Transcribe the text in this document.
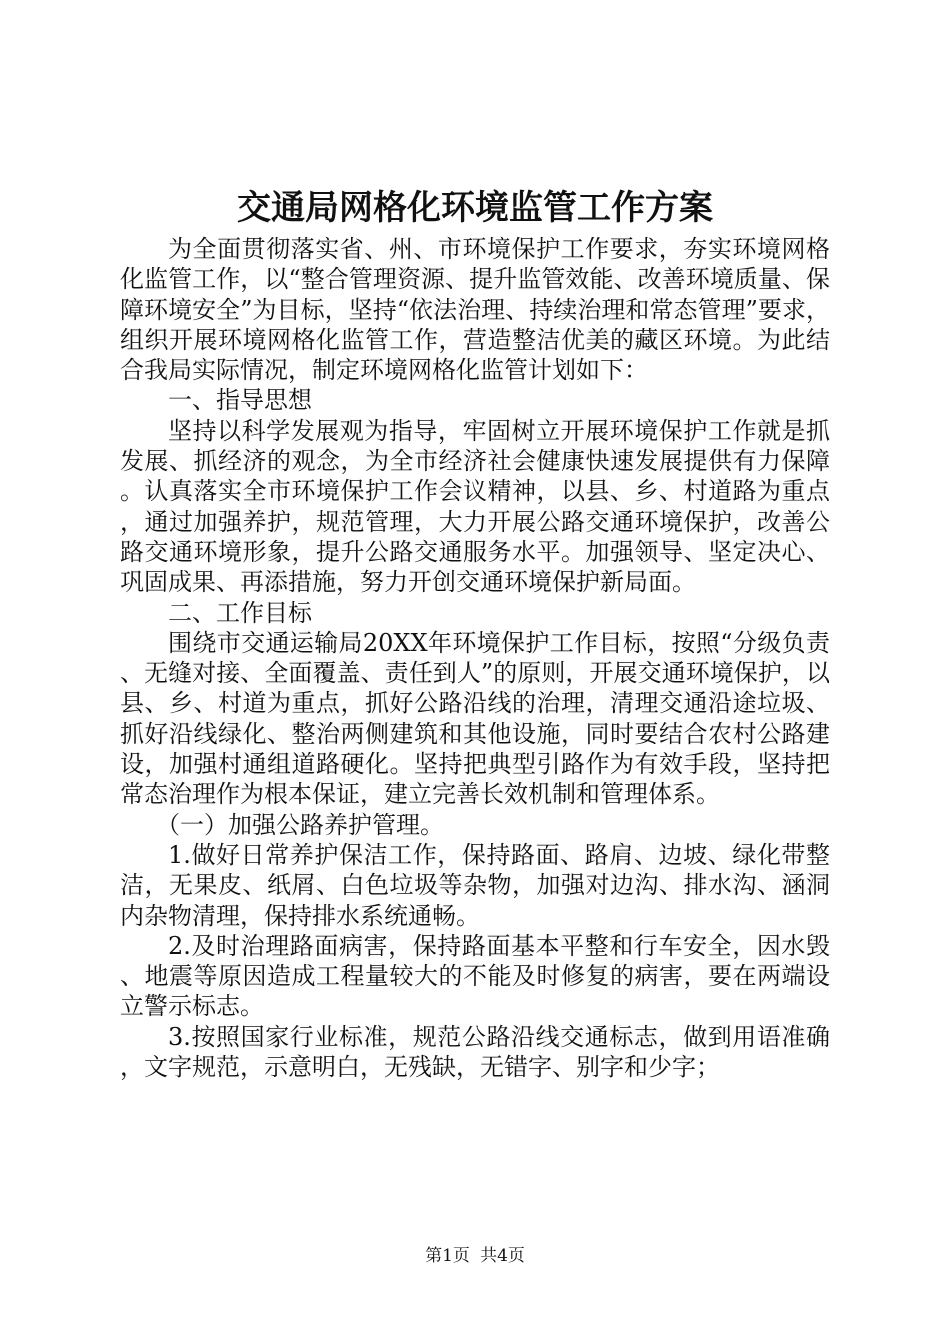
交通局网格化环境监管工作方案

为全面贯彻落实省、州、市环境保护工作要求，夯实环境网格化监管工作，以“整合管理资源、提升监管效能、改善环境质量、保障环境安全”为目标，坚持“依法治理、持续治理和常态管理”要求，组织开展环境网格化监管工作，营造整洁优美的藏区环境。为此结合我局实际情况，制定环境网格化监管计划如下：

一、指导思想

坚持以科学发展观为指导，牢固树立开展环境保护工作就是抓发展、抓经济的观念，为全市经济社会健康快速发展提供有力保障。认真落实全市环境保护工作会议精神，以县、乡、村道路为重点，通过加强养护，规范管理，大力开展公路交通环境保护，改善公路交通环境形象，提升公路交通服务水平。加强领导、坚定决心、巩固成果、再添措施，努力开创交通环境保护新局面。

二、工作目标

围绕市交通运输局20XX年环境保护工作目标，按照“分级负责、无缝对接、全面覆盖、责任到人”的原则，开展交通环境保护，以县、乡、村道为重点，抓好公路沿线的治理，清理交通沿途垃圾、抓好沿线绿化、整治两侧建筑和其他设施，同时要结合农村公路建设，加强村通组道路硬化。坚持把典型引路作为有效手段，坚持把常态治理作为根本保证，建立完善长效机制和管理体系。

（一）加强公路养护管理。

1.做好日常养护保洁工作，保持路面、路肩、边坡、绿化带整洁，无果皮、纸屑、白色垃圾等杂物，加强对边沟、排水沟、涵洞内杂物清理，保持排水系统通畅。

2.及时治理路面病害，保持路面基本平整和行车安全，因水毁、地震等原因造成工程量较大的不能及时修复的病害，要在两端设立警示标志。

3.按照国家行业标准，规范公路沿线交通标志，做到用语准确，文字规范，示意明白，无残缺，无错字、别字和少字；

第1页 共4页
